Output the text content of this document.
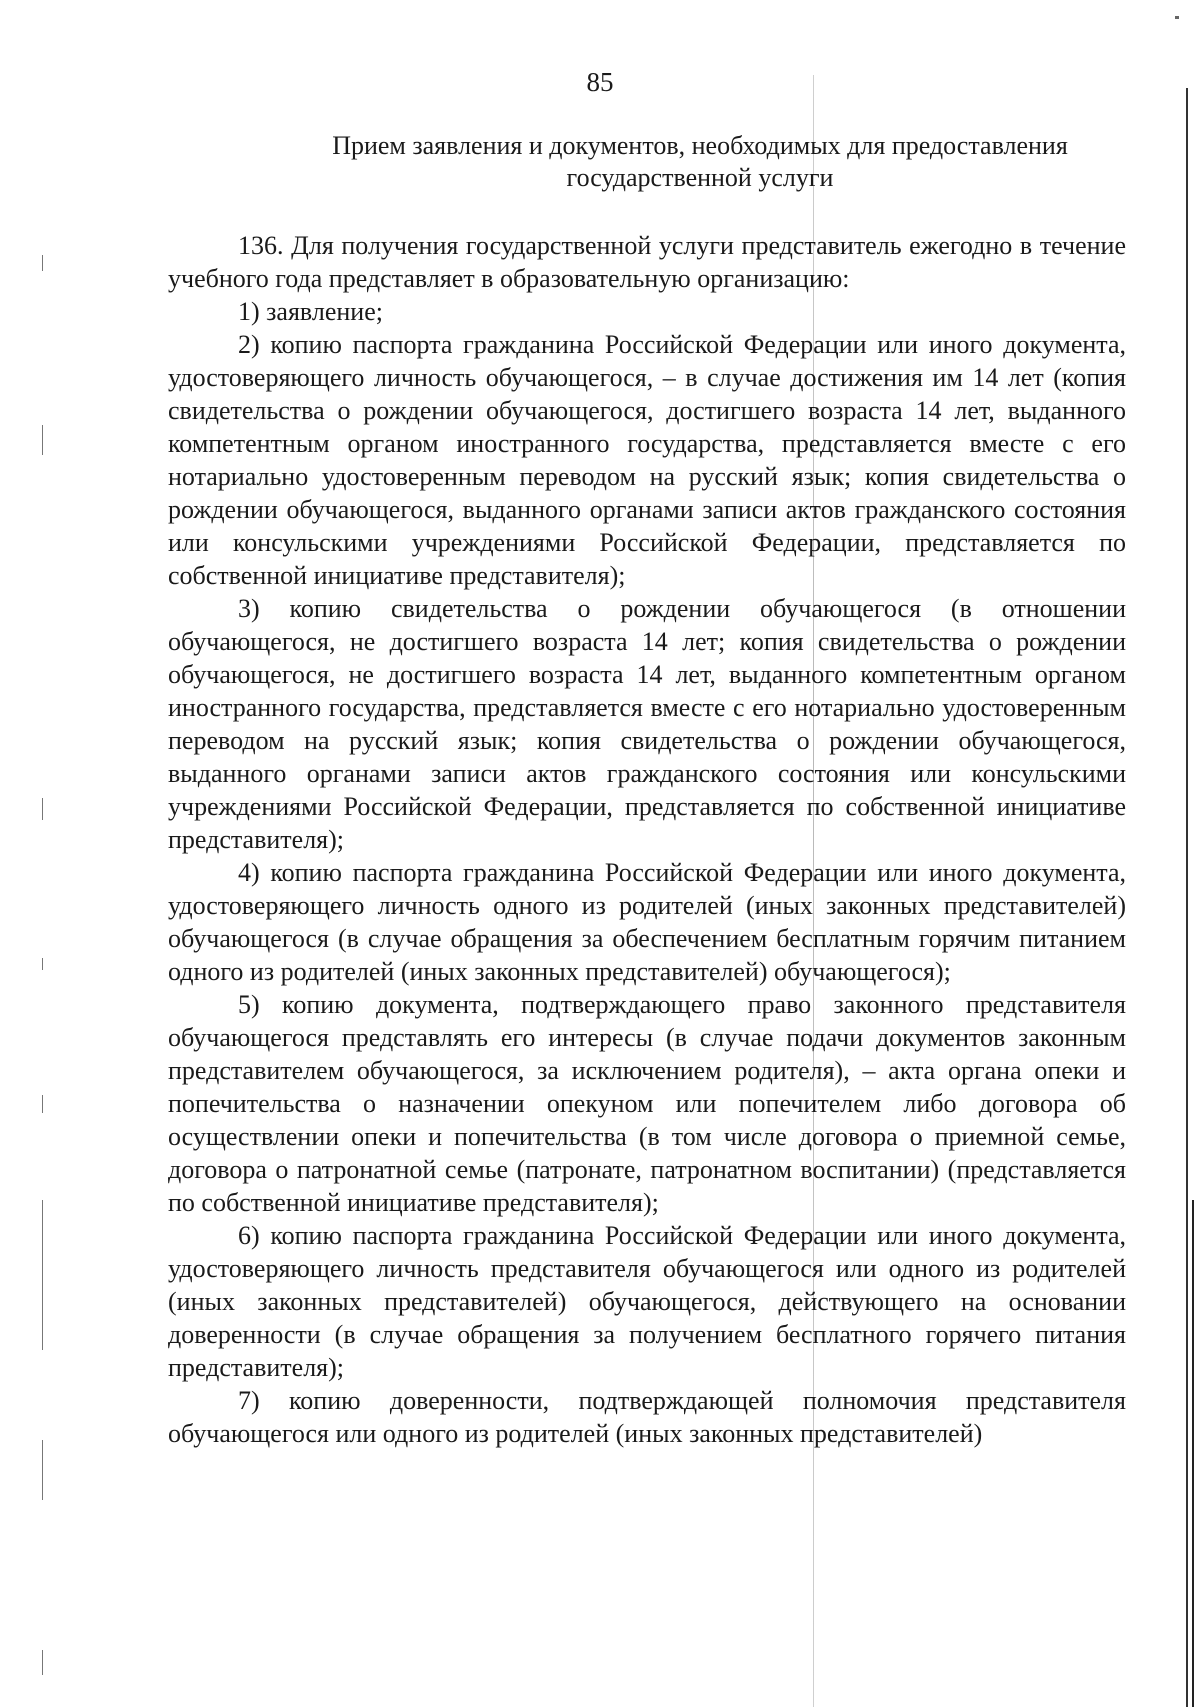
85
Прием заявления и документов, необходимых для предоставления
государственной услуги

136. Для получения государственной услуги представитель ежегодно в течение учебного года представляет в образовательную организацию:

1) заявление;

2) копию паспорта гражданина Российской Федерации или иного документа, удостоверяющего личность обучающегося, – в случае достижения им 14 лет (копия свидетельства о рождении обучающегося, достигшего возраста 14 лет, выданного компетентным органом иностранного государства, представляется вместе с его нотариально удостоверенным переводом на русский язык; копия свидетельства о рождении обучающегося, выданного органами записи актов гражданского состояния или консульскими учреждениями Российской Федерации, представляется по собственной инициативе представителя);

3) копию свидетельства о рождении обучающегося (в отношении обучающегося, не достигшего возраста 14 лет; копия свидетельства о рождении обучающегося, не достигшего возраста 14 лет, выданного компетентным органом иностранного государства, представляется вместе с его нотариально удостоверенным переводом на русский язык; копия свидетельства о рождении обучающегося, выданного органами записи актов гражданского состояния или консульскими учреждениями Российской Федерации, представляется по собственной инициативе представителя);

4) копию паспорта гражданина Российской Федерации или иного документа, удостоверяющего личность одного из родителей (иных законных представителей) обучающегося (в случае обращения за обеспечением бесплатным горячим питанием одного из родителей (иных законных представителей) обучающегося);

5) копию документа, подтверждающего право законного представителя обучающегося представлять его интересы (в случае подачи документов законным представителем обучающегося, за исключением родителя), – акта органа опеки и попечительства о назначении опекуном или попечителем либо договора об осуществлении опеки и попечительства (в том числе договора о приемной семье, договора о патронатной семье (патронате, патронатном воспитании) (представляется по собственной инициативе представителя);

6) копию паспорта гражданина Российской Федерации или иного документа, удостоверяющего личность представителя обучающегося или одного из родителей (иных законных представителей) обучающегося, действующего на основании доверенности (в случае обращения за получением бесплатного горячего питания представителя);

7) копию доверенности, подтверждающей полномочия представителя обучающегося или одного из родителей (иных законных представителей)
